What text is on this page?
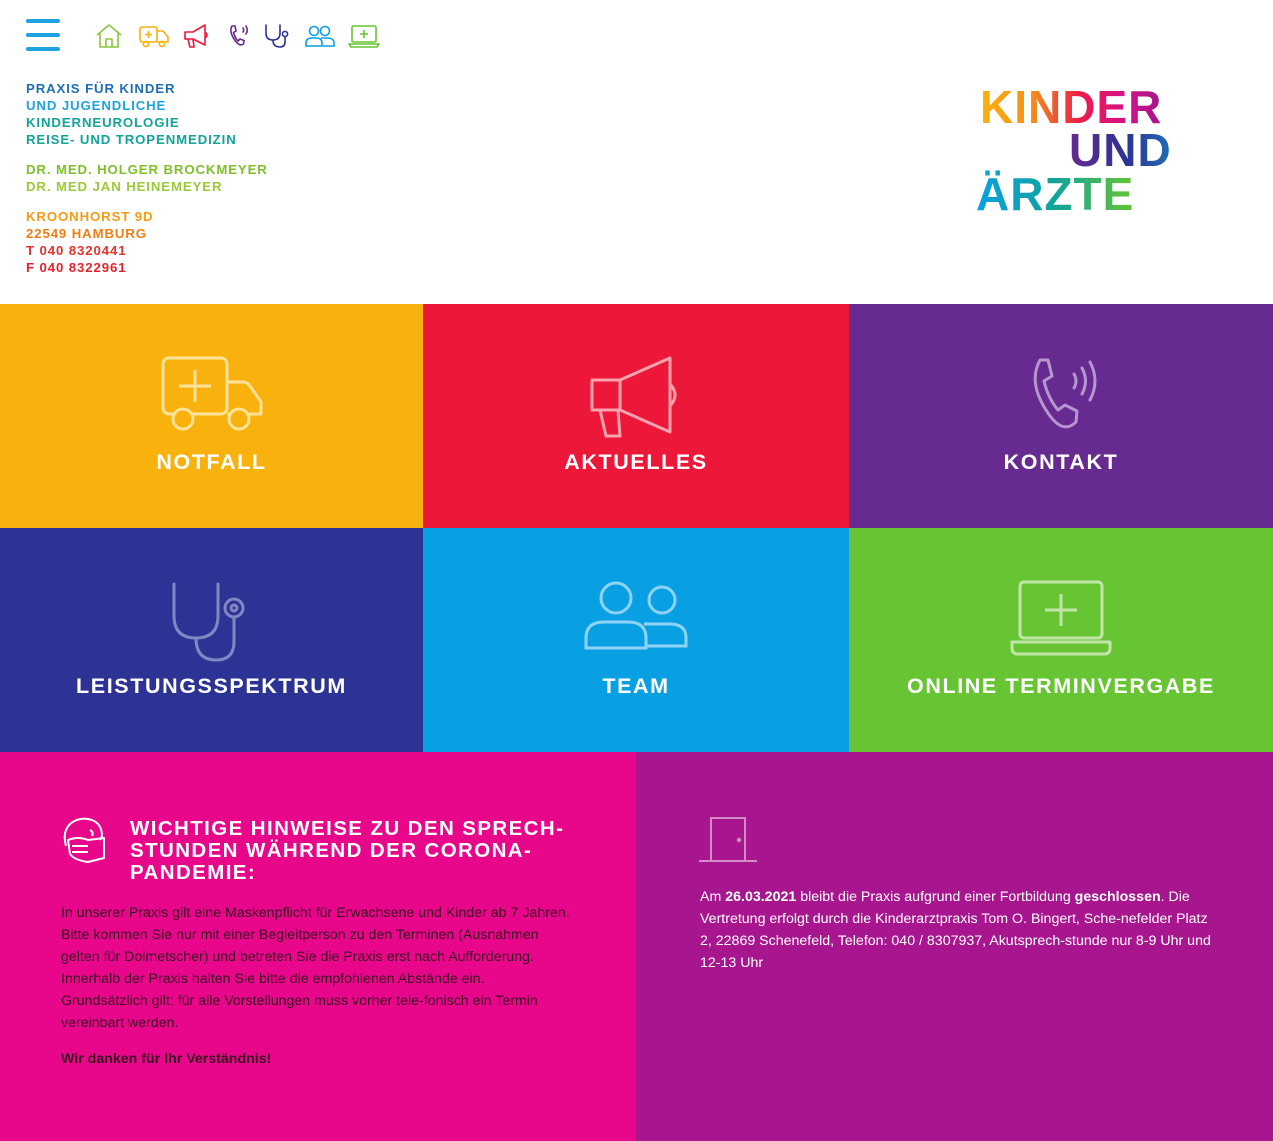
PRAXIS FÜR KINDER
UND JUGENDLICHE
KINDERNEUROLOGIE
REISE- UND TROPENMEDIZIN
DR. MED. HOLGER BROCKMEYER
DR. MED JAN HEINEMEYER
KROONHORST 9D
22549 HAMBURG
T 040 8320441
F 040 8322961
KINDER
UND
ÄRZTE
NOTFALL	AKTUELLES	KONTAKT
LEISTUNGSSPEKTRUM	TEAM	ONLINE TERMINVERGABE
WICHTIGE HINWEISE ZU DEN SPRECH-STUNDEN WÄHREND DER CORONA-PANDEMIE:

In unserer Praxis gilt eine Maskenpflicht für Erwachsene und Kinder ab 7 Jahren. Bitte kommen Sie nur mit einer Begleitperson zu den Terminen (Ausnahmen gelten für Dolmetscher) und betreten Sie die Praxis erst nach Aufforderung. Innerhalb der Praxis halten Sie bitte die empfohlenen Abstände ein. Grundsätzlich gilt: für alle Vorstellungen muss vorher tele-fonisch ein Termin vereinbart werden.

Wir danken für Ihr Verständnis!

Am 26.03.2021 bleibt die Praxis aufgrund einer Fortbildung geschlossen. Die Vertretung erfolgt durch die Kinderarztpraxis Tom O. Bingert, Sche-nefelder Platz 2, 22869 Schenefeld, Telefon: 040 / 8307937, Akutsprech-stunde nur 8-9 Uhr und 12-13 Uhr
